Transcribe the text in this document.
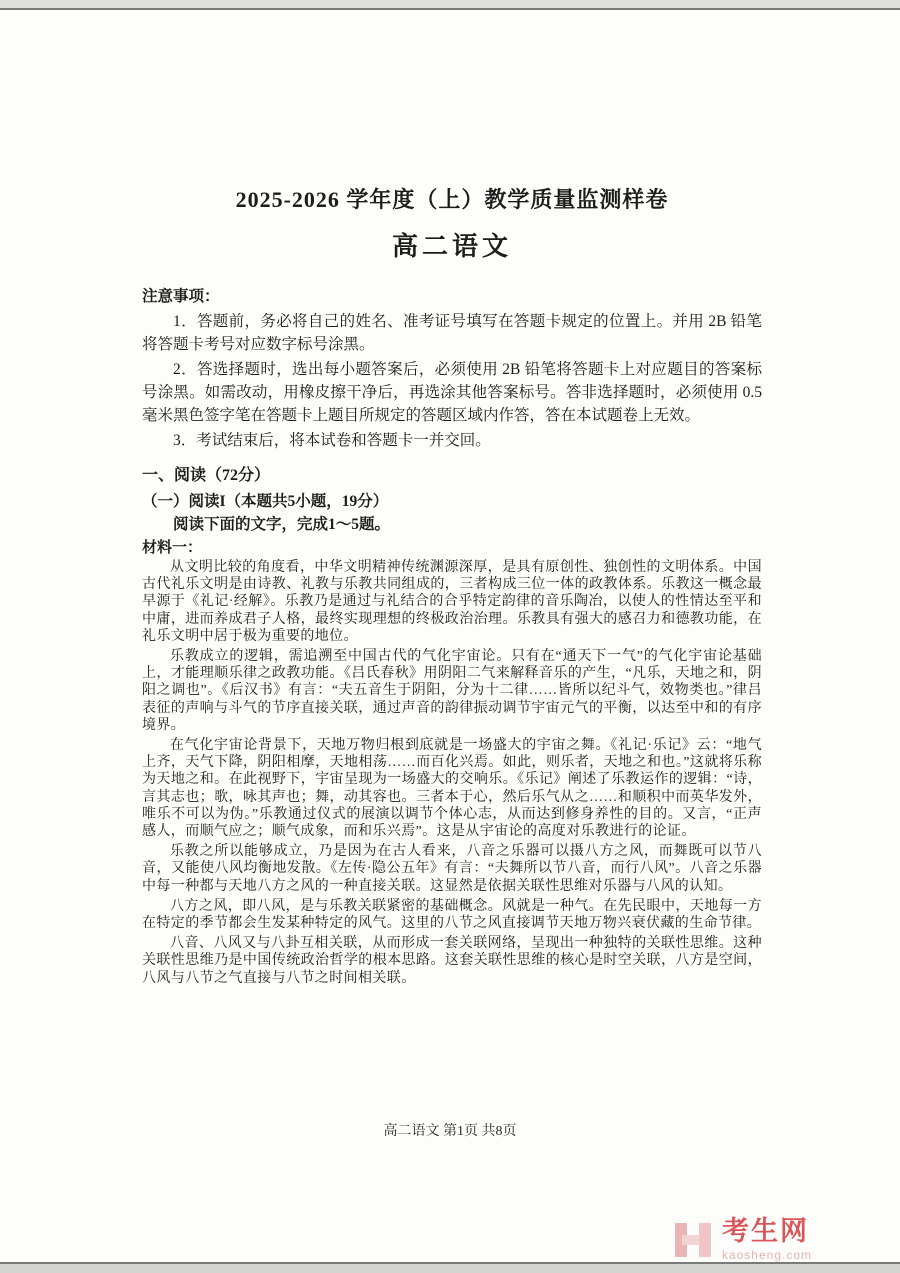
2025-2026 学年度（上）教学质量监测样卷
高二语文
注意事项：
1．答题前，务必将自己的姓名、准考证号填写在答题卡规定的位置上。并用 2B 铅笔将答题卡考号对应数字标号涂黑。
2．答选择题时，选出每小题答案后，必须使用 2B 铅笔将答题卡上对应题目的答案标号涂黑。如需改动，用橡皮擦干净后，再选涂其他答案标号。答非选择题时，必须使用 0.5 毫米黑色签字笔在答题卡上题目所规定的答题区域内作答，答在本试题卷上无效。
3．考试结束后，将本试卷和答题卡一并交回。
一、阅读（72分）
（一）阅读I（本题共5小题，19分）
阅读下面的文字，完成1～5题。
材料一：

从文明比较的角度看，中华文明精神传统渊源深厚，是具有原创性、独创性的文明体系。中国古代礼乐文明是由诗教、礼教与乐教共同组成的，三者构成三位一体的政教体系。乐教这一概念最早源于《礼记·经解》。乐教乃是通过与礼结合的合乎特定韵律的音乐陶冶，以使人的性情达至平和中庸，进而养成君子人格，最终实现理想的终极政治治理。乐教具有强大的感召力和德教功能，在礼乐文明中居于极为重要的地位。

乐教成立的逻辑，需追溯至中国古代的气化宇宙论。只有在“通天下一气”的气化宇宙论基础上，才能理顺乐律之政教功能。《吕氏春秋》用阴阳二气来解释音乐的产生，“凡乐，天地之和，阴阳之调也”。《后汉书》有言：“夫五音生于阴阳，分为十二律……皆所以纪斗气，效物类也。”律吕表征的声响与斗气的节序直接关联，通过声音的韵律振动调节宇宙元气的平衡，以达至中和的有序境界。

在气化宇宙论背景下，天地万物归根到底就是一场盛大的宇宙之舞。《礼记·乐记》云：“地气上齐，天气下降，阴阳相摩，天地相荡……而百化兴焉。如此，则乐者，天地之和也。”这就将乐称为天地之和。在此视野下，宇宙呈现为一场盛大的交响乐。《乐记》阐述了乐教运作的逻辑：“诗，言其志也；歌，咏其声也；舞，动其容也。三者本于心，然后乐气从之……和顺积中而英华发外，唯乐不可以为伪。”乐教通过仪式的展演以调节个体心志，从而达到修身养性的目的。又言，“正声感人，而顺气应之；顺气成象，而和乐兴焉”。这是从宇宙论的高度对乐教进行的论证。

乐教之所以能够成立，乃是因为在古人看来，八音之乐器可以摄八方之风，而舞既可以节八音，又能使八风均衡地发散。《左传·隐公五年》有言：“夫舞所以节八音，而行八风”。八音之乐器中每一种都与天地八方之风的一种直接关联。这显然是依据关联性思维对乐器与八风的认知。

八方之风，即八风，是与乐教关联紧密的基础概念。风就是一种气。在先民眼中，天地每一方在特定的季节都会生发某种特定的风气。这里的八节之风直接调节天地万物兴衰伏藏的生命节律。

八音、八风又与八卦互相关联，从而形成一套关联网络，呈现出一种独特的关联性思维。这种关联性思维乃是中国传统政治哲学的根本思路。这套关联性思维的核心是时空关联，八方是空间，八风与八节之气直接与八节之时间相关联。

高二语文 第1页 共8页
考生网
kaosheng.com
